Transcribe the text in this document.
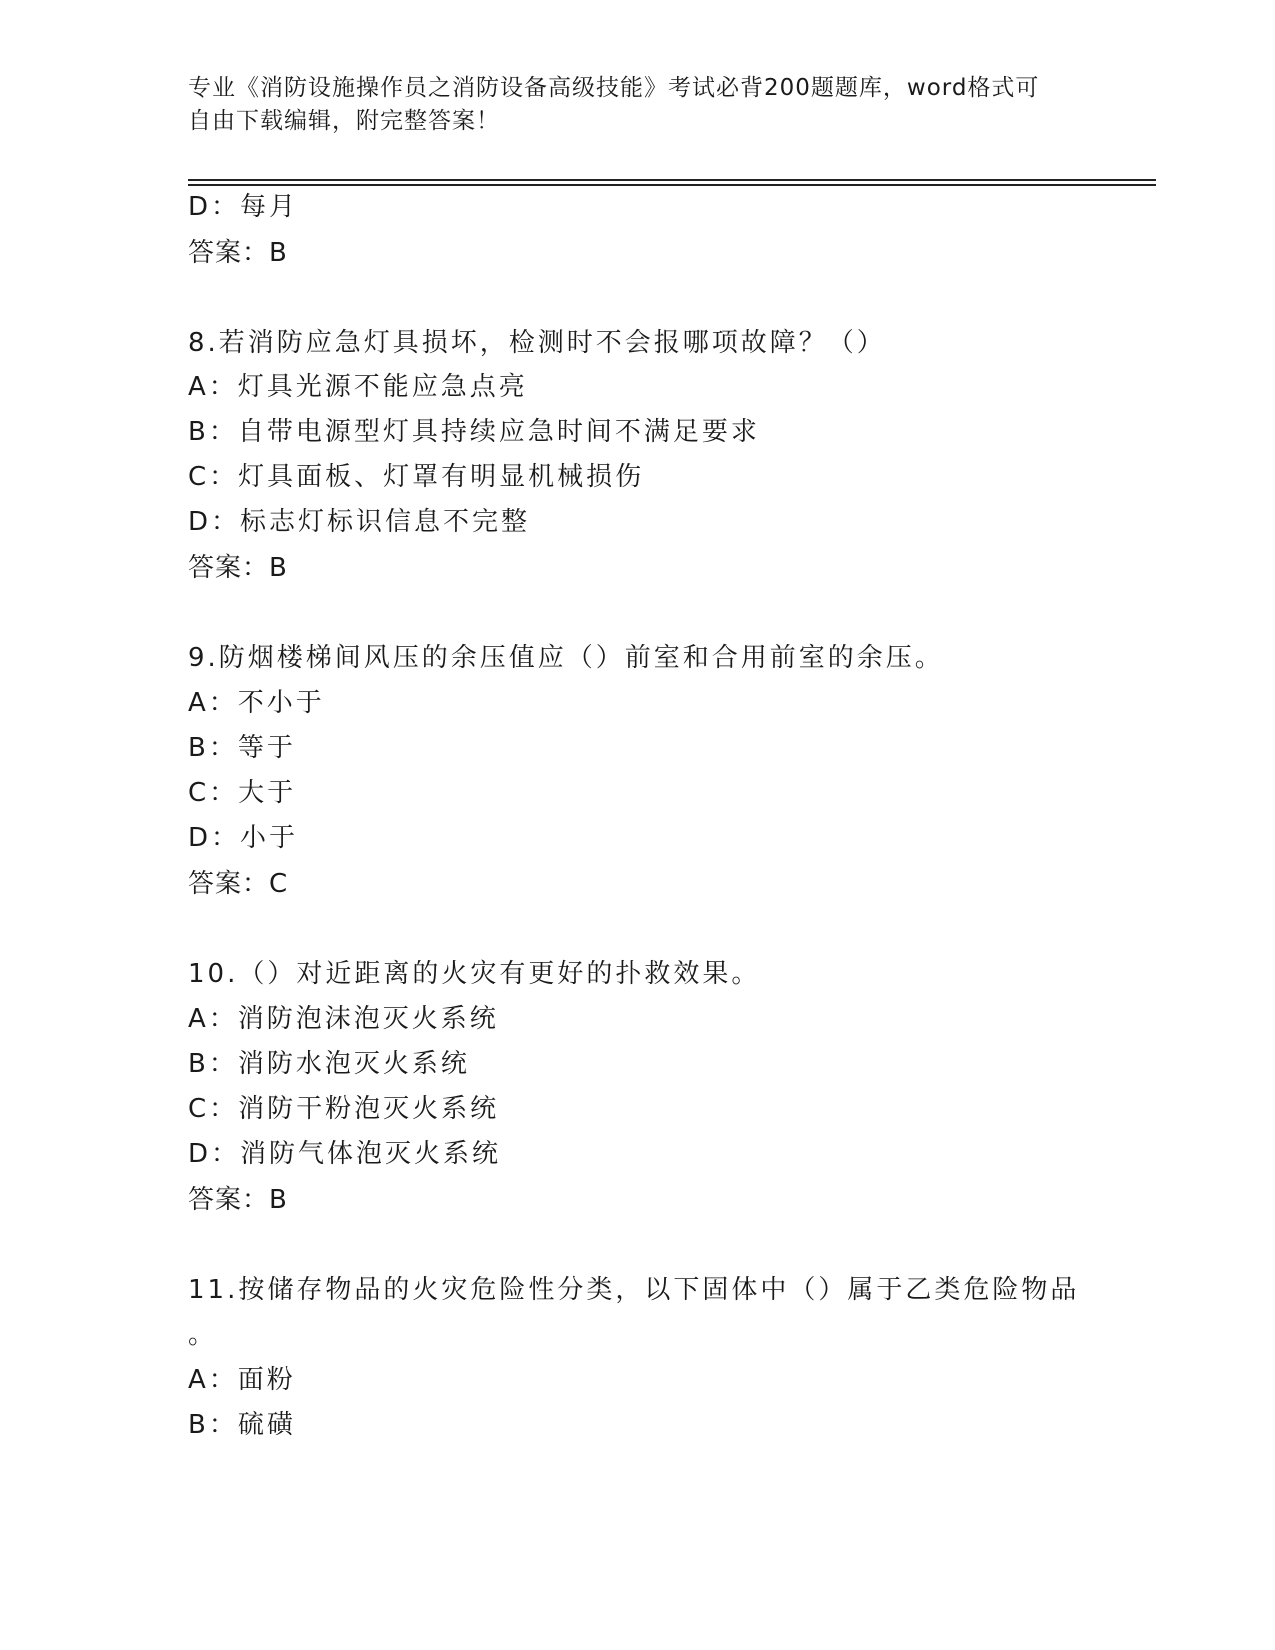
专业《消防设施操作员之消防设备高级技能》考试必背200题题库，word格式可
自由下载编辑，附完整答案！
D：每月
答案：B
8.若消防应急灯具损坏，检测时不会报哪项故障？（）
A：灯具光源不能应急点亮
B：自带电源型灯具持续应急时间不满足要求
C：灯具面板、灯罩有明显机械损伤
D：标志灯标识信息不完整
答案：B
9.防烟楼梯间风压的余压值应（）前室和合用前室的余压。
A：不小于
B：等于
C：大于
D：小于
答案：C
10.（）对近距离的火灾有更好的扑救效果。
A：消防泡沫泡灭火系统
B：消防水泡灭火系统
C：消防干粉泡灭火系统
D：消防气体泡灭火系统
答案：B
11.按储存物品的火灾危险性分类，以下固体中（）属于乙类危险物品
。
A：面粉
B：硫磺
